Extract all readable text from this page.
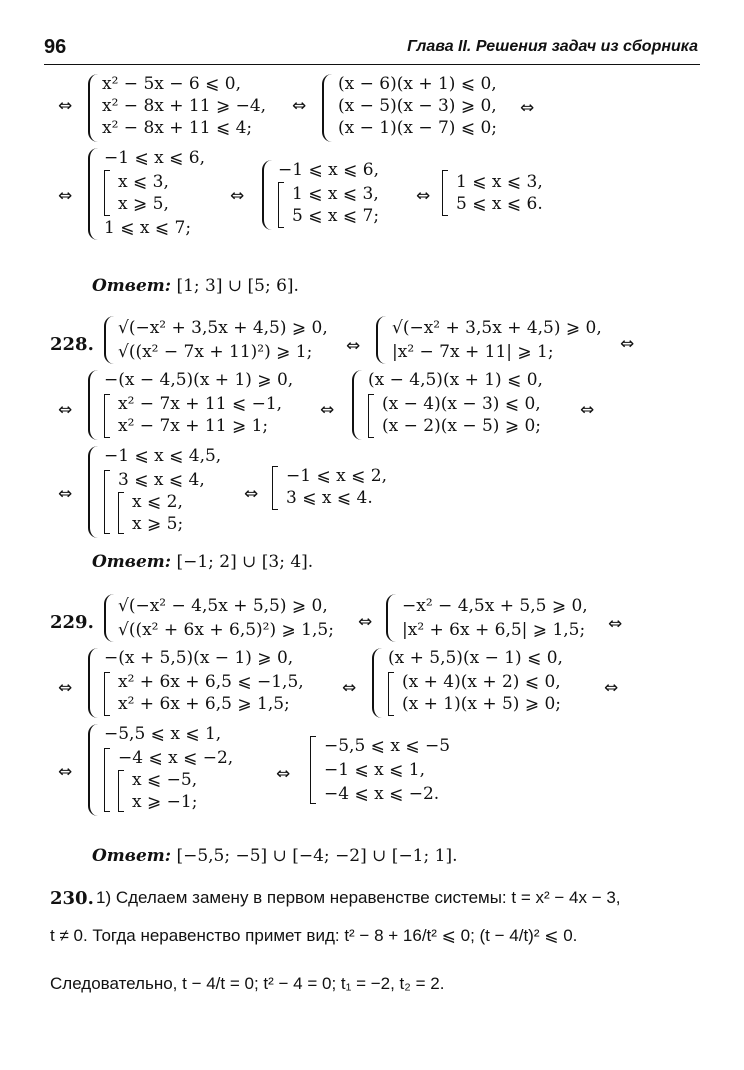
96	Глава II. Решения задач из сборника
⇔
x² − 5x − 6 ⩽ 0,
x² − 8x + 11 ⩾ −4,
x² − 8x + 11 ⩽ 4;
⇔
(x − 6)(x + 1) ⩽ 0,
(x − 5)(x − 3) ⩾ 0,
(x − 1)(x − 7) ⩽ 0;
⇔
⇔
−1 ⩽ x ⩽ 6,
x ⩽ 3,
x ⩾ 5,
1 ⩽ x ⩽ 7;
⇔
−1 ⩽ x ⩽ 6,
1 ⩽ x ⩽ 3,
5 ⩽ x ⩽ 7;
⇔
1 ⩽ x ⩽ 3,
5 ⩽ x ⩽ 6.
Ответ: [1; 3] ∪ [5; 6].
228.
√(−x² + 3,5x + 4,5) ⩾ 0,
√((x² − 7x + 11)²) ⩾ 1; ⇔
√(−x² + 3,5x + 4,5) ⩾ 0,
|x² − 7x + 11| ⩾ 1;	⇔
⇔
−(x − 4,5)(x + 1) ⩾ 0,
x² − 7x + 11 ⩽ −1,
x² − 7x + 11 ⩾ 1;
⇔
(x − 4,5)(x + 1) ⩽ 0,
(x − 4)(x − 3) ⩽ 0,
(x − 2)(x − 5) ⩾ 0;
⇔
⇔
−1 ⩽ x ⩽ 4,5,
3 ⩽ x ⩽ 4,
x ⩽ 2,
x ⩾ 5;
⇔
−1 ⩽ x ⩽ 2,
3 ⩽ x ⩽ 4.
Ответ: [−1; 2] ∪ [3; 4].
229.
√(−x² − 4,5x + 5,5) ⩾ 0,
√((x² + 6x + 6,5)²) ⩾ 1,5; ⇔
−x² − 4,5x + 5,5 ⩾ 0,
|x² + 6x + 6,5| ⩾ 1,5; ⇔
⇔
−(x + 5,5)(x − 1) ⩾ 0,
x² + 6x + 6,5 ⩽ −1,5,
x² + 6x + 6,5 ⩾ 1,5;
⇔
(x + 5,5)(x − 1) ⩽ 0,
(x + 4)(x + 2) ⩽ 0,
(x + 1)(x + 5) ⩾ 0;
⇔
⇔
−5,5 ⩽ x ⩽ 1,
−4 ⩽ x ⩽ −2,
x ⩽ −5,
x ⩾ −1;
⇔
−5,5 ⩽ x ⩽ −5
−1 ⩽ x ⩽ 1,
−4 ⩽ x ⩽ −2.
Ответ: [−5,5; −5] ∪ [−4; −2] ∪ [−1; 1].
230. 1) Сделаем замену в первом неравенстве системы: t = x² − 4x − 3,
t ≠ 0. Тогда неравенство примет вид: t² − 8 + 16/t² ⩽ 0; (t − 4/t)² ⩽ 0.
Следовательно, t − 4/t = 0; t² − 4 = 0; t₁ = −2, t₂ = 2.
